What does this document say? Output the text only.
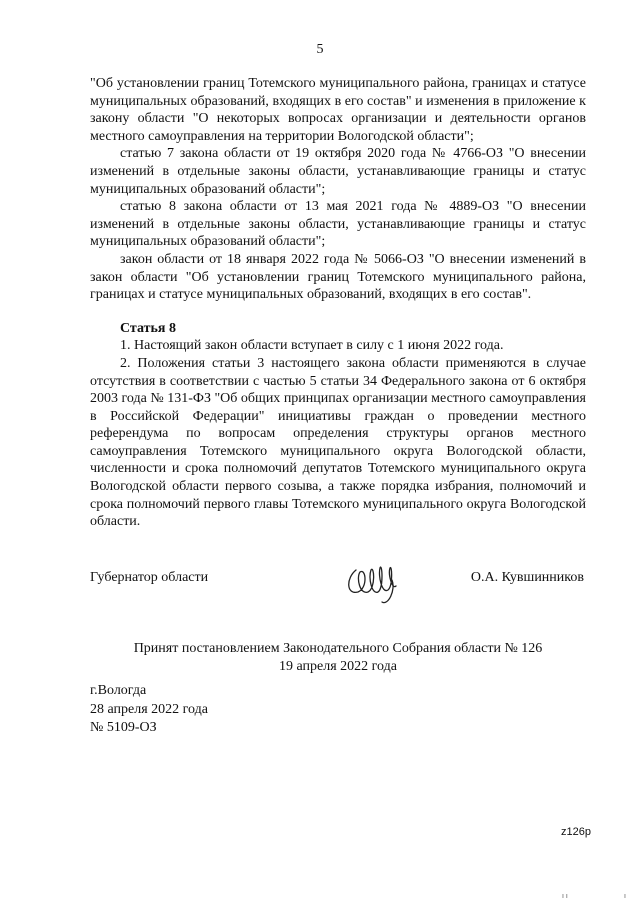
5

"Об установлении границ Тотемского муниципального района, границах и статусе муниципальных образований, входящих в его состав" и изменения в приложение к закону области "О некоторых вопросах организации и деятельности органов местного самоуправления на территории Вологодской области";

статью 7 закона области от 19 октября 2020 года № 4766-ОЗ "О внесении изменений в отдельные законы области, устанавливающие границы и статус муниципальных образований области";

статью 8 закона области от 13 мая 2021 года № 4889-ОЗ "О внесении изменений в отдельные законы области, устанавливающие границы и статус муниципальных образований области";

закон области от 18 января 2022 года № 5066-ОЗ "О внесении изменений в закон области "Об установлении границ Тотемского муниципального района, границах и статусе муниципальных образований, входящих в его состав".

Статья 8

1. Настоящий закон области вступает в силу с 1 июня 2022 года.

2. Положения статьи 3 настоящего закона области применяются в случае отсутствия в соответствии с частью 5 статьи 34 Федерального закона от 6 октября 2003 года № 131-ФЗ "Об общих принципах организации местного самоуправления в Российской Федерации" инициативы граждан о проведении местного референдума по вопросам определения структуры органов местного самоуправления Тотемского муниципального округа Вологодской области, численности и срока полномочий депутатов Тотемского муниципального округа Вологодской области первого созыва, а также порядка избрания, полномочий и срока полномочий первого главы Тотемского муниципального округа Вологодской области.

Губернатор области	О.А. Кувшинников
Принят постановлением Законодательного Собрания области № 126
19 апреля 2022 года
г.Вологда
28 апреля 2022 года
№ 5109-ОЗ
z126p
ı ı	ı
